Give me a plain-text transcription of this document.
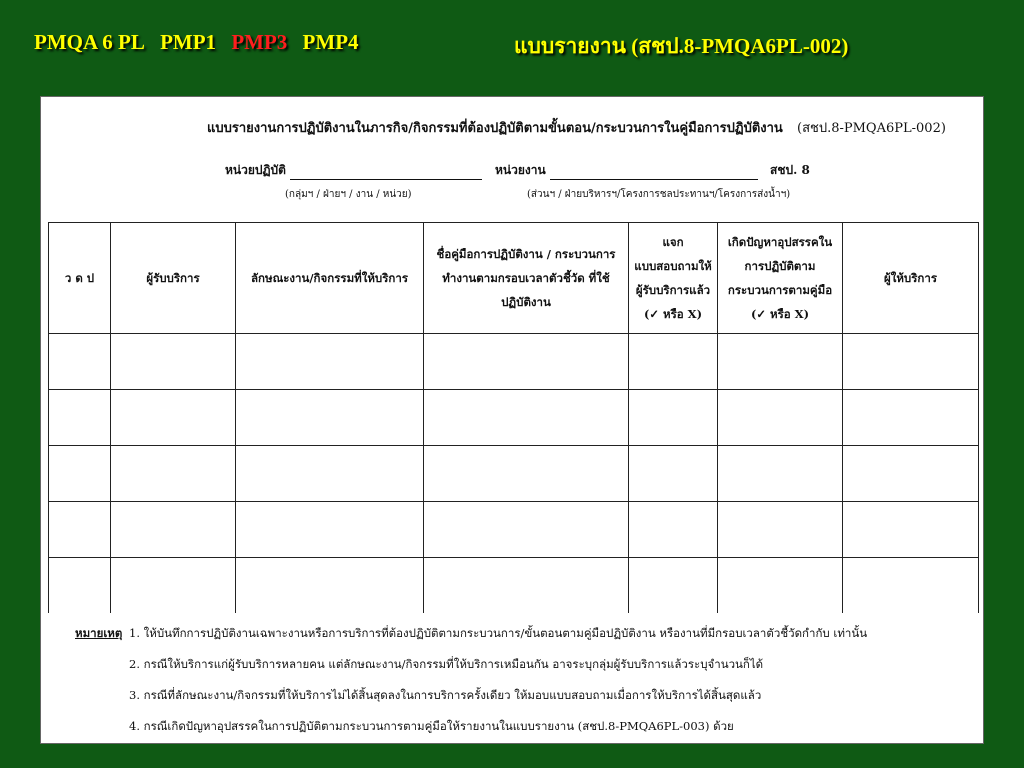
PMQA 6 PL PMP1 PMP3 PMP4	แบบรายงาน (สชป.8-PMQA6PL-002)
แบบรายงานการปฏิบัติงานในภารกิจ/กิจกรรมที่ต้องปฏิบัติตามขั้นตอน/กระบวนการในคู่มือการปฏิบัติงาน (สชป.8-PMQA6PL-002)
หน่วยปฏิบัติ	หน่วยงาน	สชป. 8
(กลุ่มฯ / ฝ่ายฯ / งาน / หน่วย)	(ส่วนฯ / ฝ่ายบริหารฯ/โครงการชลประทานฯ/โครงการส่งน้ำฯ)
ว ด ป	ผู้รับบริการ	ลักษณะงาน/กิจกรรมที่ให้บริการ	ชื่อคู่มือการปฏิบัติงาน / กระบวนการทำงานตามกรอบเวลาตัวชี้วัด ที่ใช้ปฏิบัติงาน	แจกแบบสอบถามให้ผู้รับบริการแล้ว (✓ หรือ X)	เกิดปัญหาอุปสรรคในการปฏิบัติตามกระบวนการตามคู่มือ (✓ หรือ X)	ผู้ให้บริการ

หมายเหตุ 1. ให้บันทึกการปฏิบัติงานเฉพาะงานหรือการบริการที่ต้องปฏิบัติตามกระบวนการ/ขั้นตอนตามคู่มือปฏิบัติงาน หรืองานที่มีกรอบเวลาตัวชี้วัดกำกับ เท่านั้น
2. กรณีให้บริการแก่ผู้รับบริการหลายคน แต่ลักษณะงาน/กิจกรรมที่ให้บริการเหมือนกัน อาจระบุกลุ่มผู้รับบริการแล้วระบุจำนวนก็ได้
3. กรณีที่ลักษณะงาน/กิจกรรมที่ให้บริการไม่ได้สิ้นสุดลงในการบริการครั้งเดียว ให้มอบแบบสอบถามเมื่อการให้บริการได้สิ้นสุดแล้ว
4. กรณีเกิดปัญหาอุปสรรคในการปฏิบัติตามกระบวนการตามคู่มือให้รายงานในแบบรายงาน (สชป.8-PMQA6PL-003) ด้วย
